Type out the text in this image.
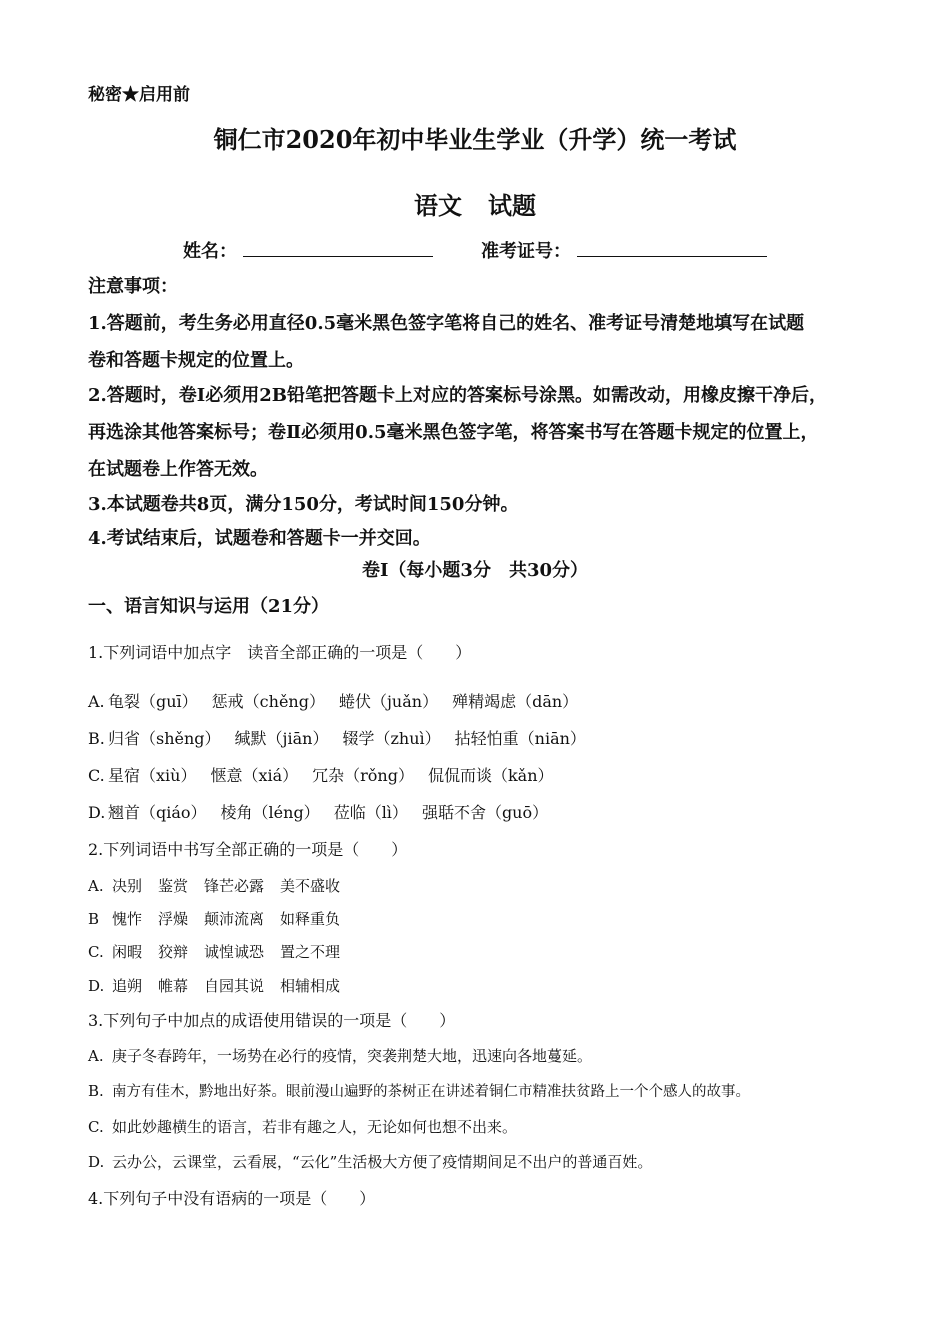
秘密★启用前
铜仁市2020年初中毕业生学业（升学）统一考试
语文 试题
姓名：	准考证号：
注意事项：
1.答题前，考生务必用直径0.5毫米黑色签字笔将自己的姓名、准考证号清楚地填写在试题
卷和答题卡规定的位置上。
2.答题时，卷Ⅰ必须用2B铅笔把答题卡上对应的答案标号涂黑。如需改动，用橡皮擦干净后，
再选涂其他答案标号；卷Ⅱ必须用0.5毫米黑色签字笔，将答案书写在答题卡规定的位置上，
在试题卷上作答无效。
3.本试题卷共8页，满分150分，考试时间150分钟。
4.考试结束后，试题卷和答题卡一并交回。
卷Ⅰ（每小题3分　共30分）
一、语言知识与运用（21分）
1.下列词语中加点字　读音全部正确的一项是（　　）
A. 龟裂（guī） 惩戒（chěng） 蜷伏（juǎn） 殚精竭虑（dān）
B. 归省（shěng） 缄默（jiān） 辍学（zhuì） 拈轻怕重（niān）
C. 星宿（xiù） 惬意（xiá） 冗杂（rǒng） 侃侃而谈（kǎn）
D. 翘首（qiáo） 棱角（léng） 莅临（lì） 强聒不舍（guō）
2.下列词语中书写全部正确的一项是（　　）
A. 决别 鉴赏 锋芒必露 美不盛收
B 愧怍 浮燥 颠沛流离 如释重负
C. 闲暇 狡辩 诚惶诚恐 置之不理
D. 追朔 帷幕 自园其说 相辅相成
3.下列句子中加点的成语使用错误的一项是（　　）
A. 庚子冬春跨年，一场势在必行的疫情，突袭荆楚大地，迅速向各地蔓延。
B. 南方有佳木，黔地出好茶。眼前漫山遍野的茶树正在讲述着铜仁市精准扶贫路上一个个感人的故事。
C. 如此妙趣横生的语言，若非有趣之人，无论如何也想不出来。
D. 云办公，云课堂，云看展，“云化”生活极大方便了疫情期间足不出户的普通百姓。
4.下列句子中没有语病的一项是（　　）
